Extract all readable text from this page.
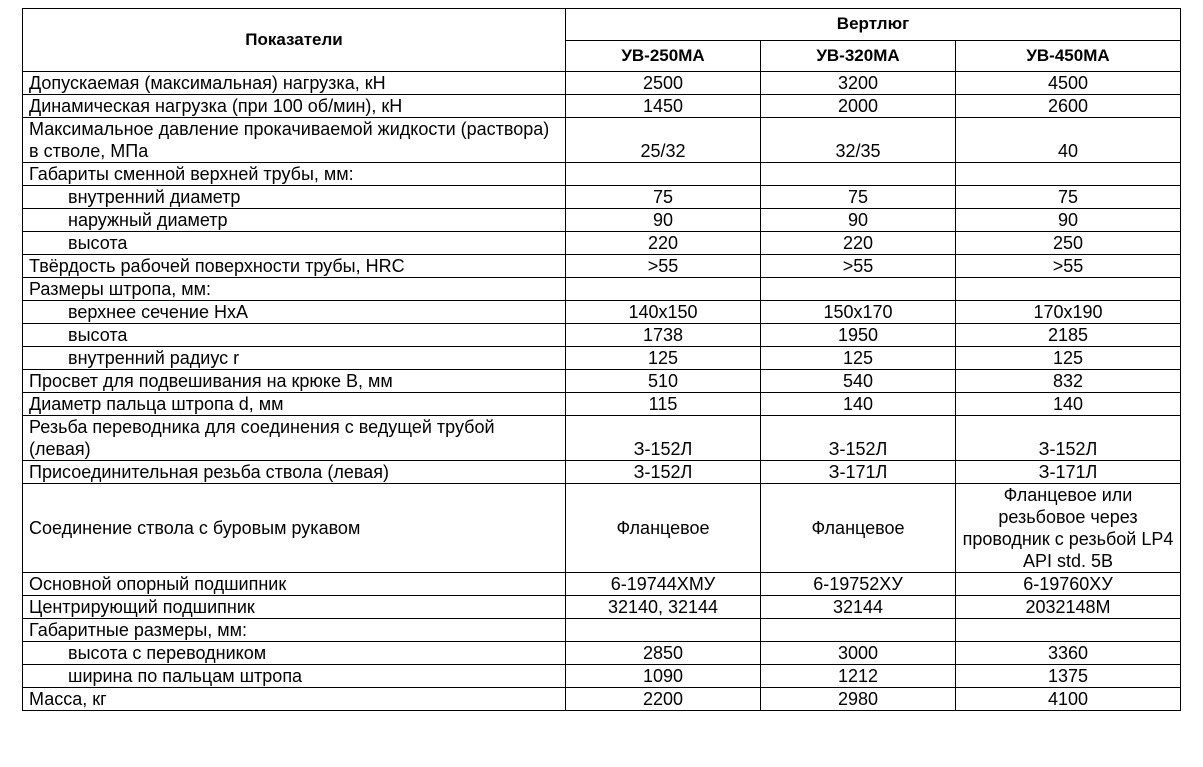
Показатели	Вертлюг		
	УВ-250МА	УВ-320МА	УВ-450МА
Допускаемая (максимальная) нагрузка, кН	2500	3200	4500
Динамическая нагрузка (при 100 об/мин), кН	1450	2000	2600
Максимальное давление прокачиваемой жидкости (раствора) в стволе, МПа	25/32	32/35	40
Габариты сменной верхней трубы, мм:			
внутренний диаметр	75	75	75
наружный диаметр	90	90	90
высота	220	220	250
Твёрдость рабочей поверхности трубы, HRC	>55	>55	>55
Размеры штропа, мм:			
верхнее сечение НхА	140x150	150x170	170x190
высота	1738	1950	2185
внутренний радиус r	125	125	125
Просвет для подвешивания на крюке B, мм	510	540	832
Диаметр пальца штропа d, мм	115	140	140
Резьба переводника для соединения с ведущей трубой (левая)	З-152Л	З-152Л	З-152Л
Присоединительная резьба ствола (левая)	З-152Л	З-171Л	З-171Л
Соединение ствола с буровым рукавом	Фланцевое	Фланцевое	Фланцевое или резьбовое через проводник с резьбой LP4 API std. 5B
Основной опорный подшипник	6-19744ХМУ	6-19752ХУ	6-19760ХУ
Центрирующий подшипник	32140, 32144	32144	2032148М
Габаритные размеры, мм:			
высота с переводником	2850	3000	3360
ширина по пальцам штропа	1090	1212	1375
Масса, кг	2200	2980	4100
